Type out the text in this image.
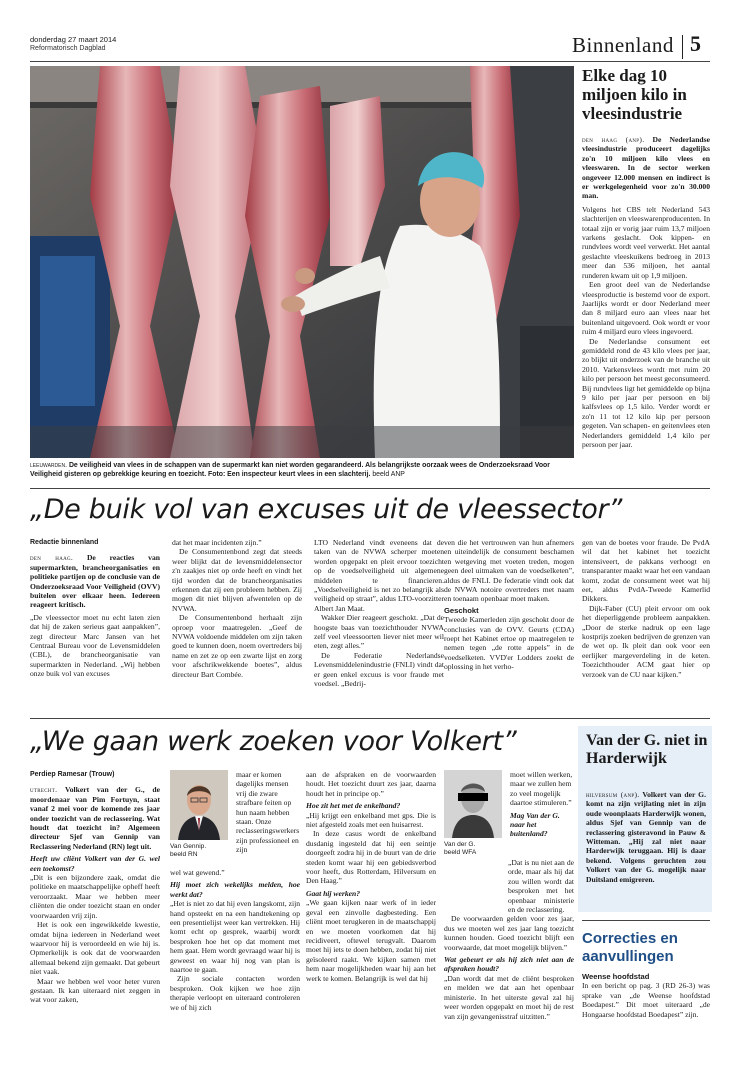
donderdag 27 maart 2014
Reformatorisch Dagblad	Binnenland 5
leeuwarden. De veiligheid van vlees in de schappen van de supermarkt kan niet worden gegarandeerd. Als belangrijkste oorzaak wees de Onderzoeksraad Voor Veiligheid gisteren op gebrekkige keuring en toezicht. Foto: Een inspecteur keurt vlees in een slachterij. beeld ANP
Elke dag 10 miljoen kilo in vleesindustrie

den haag (anp). De Nederlandse vleesindustrie produceert dagelijks zo'n 10 miljoen kilo vlees en vleeswaren. In de sector werken ongeveer 12.000 mensen en indirect is er werkgelegenheid voor zo'n 30.000 man.

Volgens het CBS telt Nederland 543 slachterijen en vleeswarenproducenten. In totaal zijn er vorig jaar ruim 13,7 miljoen varkens geslacht. Ook kippen- en rundvlees wordt veel verwerkt. Het aantal geslachte vleeskuikens bedroeg in 2013 meer dan 536 miljoen, het aantal runderen kwam uit op 1,9 miljoen.

Een groot deel van de Nederlandse vleesproductie is bestemd voor de export. Jaarlijks wordt er door Nederland meer dan 8 miljard euro aan vlees naar het buitenland uitgevoerd. Ook wordt er voor ruim 4 miljard euro vlees ingevoerd.

De Nederlandse consument eet gemiddeld rond de 43 kilo vlees per jaar, zo blijkt uit onderzoek van de branche uit 2010. Varkensvlees wordt met ruim 20 kilo per persoon het meest geconsumeerd. Bij rundvlees ligt het gemiddelde op bijna 9 kilo per jaar per persoon en bij kalfsvlees op 1,5 kilo. Verder wordt er zo'n 11 tot 12 kilo kip per persoon gegeten. Van schapen- en geitenvlees eten Nederlanders gemiddeld 1,4 kilo per persoon per jaar.

„De buik vol van excuses uit de vleessector”
Redactie binnenland

den haag. De reacties van supermarkten, brancheorganisaties en politieke partijen op de conclusie van de Onderzoeksraad Voor Veiligheid (OVV) buitelen over elkaar heen. Iedereen reageert kritisch.

„De vleessector moet nu echt laten zien dat hij de zaken serieus gaat aanpakken”, zegt directeur Marc Jansen van het Centraal Bureau voor de Levensmiddelen (CBL), de brancheorganisatie van supermarkten in Nederland. „Wij hebben onze buik vol van excuses

dat het maar incidenten zijn.”

De Consumentenbond zegt dat steeds weer blijkt dat de levensmiddelensector z'n zaakjes niet op orde heeft en vindt het tijd worden dat de brancheorganisaties erkennen dat zij een probleem hebben. Zij mogen dit niet blijven afwentelen op de NVWA.

De Consumentenbond herhaalt zijn oproep voor maatregelen. „Geef de NVWA voldoende middelen om zijn taken goed te kunnen doen, noem overtreders bij name en zet ze op een zwarte lijst en zorg voor afschrikwekkende boetes”, aldus directeur Bart Combée.

LTO Nederland vindt eveneens dat de taken van de NVWA scherper moeten worden opgepakt en pleit ervoor toezicht op de voedselveiligheid uit algemene middelen te financieren. „Voedselveiligheid is net zo belangrijk als veiligheid op straat”, aldus LTO-voorzitter Albert Jan Maat.

Wakker Dier reageert geschokt. „Dat de hoogste baas van toezichthouder NVWA zelf veel vleessoorten liever niet meer wil eten, zegt alles.”

De Federatie Nederlandse Levensmiddelenindustrie (FNLI) vindt dat er geen enkel excuus is voor fraude met voedsel. „Bedrij-

ven die het vertrouwen van hun afnemers en uiteindelijk de consument beschamen en wetgeving met voeten treden, mogen geen deel uitmaken van de voedselketen”, aldus de FNLI. De federatie vindt ook dat de NVWA notoire overtreders met naam en toenaam openbaar moet maken.

Geschokt

Tweede Kamerleden zijn geschokt door de conclusies van de OVV. Geurts (CDA) roept het Kabinet ertoe op maatregelen te nemen tegen „de rotte appels” in de voedselketen. VVD'er Lodders zoekt de oplossing in het verho-

gen van de boetes voor fraude. De PvdA wil dat het kabinet het toezicht intensiveert, de pakkans verhoogt en transparanter maakt waar het een vandaan komt, zodat de consument weet wat hij eet, aldus PvdA-Tweede Kamerlid Dikkers.

Dijk-Faber (CU) pleit ervoor om ook het dieperliggende probleem aanpakken. „Door de sterke nadruk op een lage kostprijs zoeken bedrijven de grenzen van de wet op. Ik pleit dan ook voor een eerlijker margeverdeling in de keten. Toezichthouder ACM gaat hier op verzoek van de CU naar kijken.”

„We gaan werk zoeken voor Volkert”
Perdiep Ramesar (Trouw)

utrecht. Volkert van der G., de moordenaar van Pim Fortuyn, staat vanaf 2 mei voor de komende zes jaar onder toezicht van de reclassering. Wat houdt dat toezicht in? Algemeen directeur Sjef van Gennip van Reclassering Nederland (RN) legt uit.

Heeft uw cliënt Volkert van der G. wel een toekomst?

„Dit is een bijzondere zaak, omdat die politieke en maatschappelijke opheff heeft veroorzaakt. Maar we hebben meer cliënten die onder toezicht staan en onder voorwaarden vrij zijn.

Het is ook een ingewikkelde kwestie, omdat bijna iedereen in Nederland weet waarvoor hij is veroordeeld en wie hij is. Opmerkelijk is ook dat de voorwaarden allemaal bekend zijn gemaakt. Dat gebeurt niet vaak.

Maar we hebben wel voor heter vuren gestaan. Ik kan uiteraard niet zeggen in wat voor zaken,

Van Gennip.
beeld RN
maar er komen dagelijks mensen vrij die zware strafbare feiten op hun naam hebben staan. Onze reclasseringswerkers zijn professioneel en zijn

wel wat gewend.”

Hij moet zich wekelijks melden, hoe werkt dat?

„Het is niet zo dat hij even langskomt, zijn hand opsteekt en na een handtekening op een presentielijst weer kan vertrekken. Hij komt echt op gesprek, waarbij wordt besproken hoe het op dat moment met hem gaat. Hem wordt gevraagd waar hij is geweest en waar hij nog van plan is naartoe te gaan.

Zijn sociale contacten worden besproken. Ook kijken we hoe zijn therapie verloopt en uiteraard controleren we of hij zich

aan de afspraken en de voorwaarden houdt. Het toezicht duurt zes jaar, daarna houdt het in principe op.”

Hoe zit het met de enkelband?

„Hij krijgt een enkelband met gps. Die is niet afgesteld zoals met een huisarrest.

In deze casus wordt de enkelband dusdanig ingesteld dat hij een seintje doorgeeft zodra hij in de buurt van de drie steden komt waar hij een gebiedsverbod voor heeft, dus Rotterdam, Hilversum en Den Haag.”

Gaat hij werken?

„We gaan kijken naar werk of in ieder geval een zinvolle dagbesteding. Een cliënt moet terugkeren in de maatschappij en we moeten voorkomen dat hij recidiveert, oftewel terugvalt. Daarom moet hij iets te doen hebben, zodat hij niet geïsoleerd raakt. We kijken samen met hem naar mogelijkheden waar hij aan het werk te komen. Belangrijk is wel dat hij

Van der G.
beeld WFA

moet willen werken, maar we zullen hem zo veel mogelijk daartoe stimuleren.”

Mag Van der G. naar het buitenland?

„Dat is nu niet aan de orde, maar als hij dat zou willen wordt dat besproken met het openbaar ministerie en de reclassering.

De voorwaarden gelden voor zes jaar, dus we moeten wel zes jaar lang toezicht kunnen houden. Goed toezicht blijft een voorwaarde, dat moet mogelijk blijven.”

Wat gebeurt er als hij zich niet aan de afspraken houdt?

„Dan wordt dat met de cliënt besproken en melden we dat aan het openbaar ministerie. In het uiterste geval zal hij weer worden opgepakt en moet hij de rest van zijn gevangenisstraf uitzitten.”

Van der G. niet in Harderwijk
hilversum (anp). Volkert van der G. komt na zijn vrijlating niet in zijn oude woonplaats Harderwijk wonen, aldus Sjef van Gennip van de reclassering gisteravond in Pauw & Witteman. „Hij zal niet naar Harderwijk teruggaan. Hij is daar bekend. Volgens geruchten zou Volkert van der G. mogelijk naar Duitsland emigreren.
Correcties en aanvullingen

Weense hoofdstad

In een bericht op pag. 3 (RD 26-3) was sprake van „de Weense hoofdstad Boedapest.” Dit moet uiteraard „de Hongaarse hoofdstad Boedapest” zijn.
